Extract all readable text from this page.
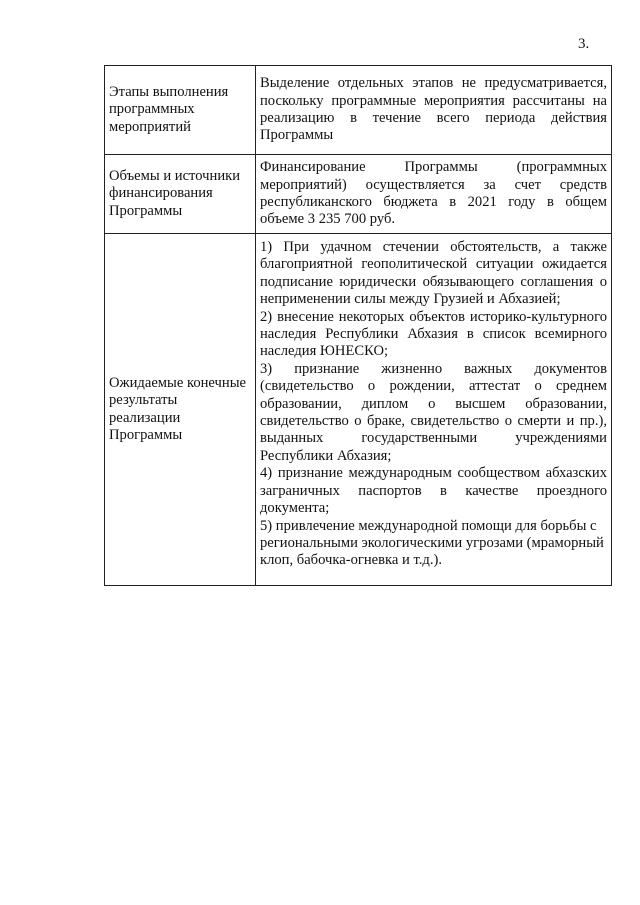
3.
Этапы выполнения программных мероприятий	Выделение отдельных этапов не предусматривается, поскольку программные мероприятия рассчитаны на реализацию в течение всего периода действия Программы
Объемы и источники финансирования Программы	Финансирование Программы (программных мероприятий) осуществляется за счет средств республиканского бюджета в 2021 году в общем объеме 3 235 700 руб.
Ожидаемые конечные результаты реализации Программы	1) При удачном стечении обстоятельств, а также благоприятной геополитической ситуации ожидается подписание юридически обязывающего соглашения о неприменении силы между Грузией и Абхазией;
2) внесение некоторых объектов историко-культурного наследия Республики Абхазия в список всемирного наследия ЮНЕСКО;
3) признание жизненно важных документов (свидетельство о рождении, аттестат о среднем образовании, диплом о высшем образовании, свидетельство о браке, свидетельство о смерти и пр.), выданных государственными учреждениями Республики Абхазия;
4) признание международным сообществом абхазских заграничных паспортов в качестве проездного документа;
5) привлечение международной помощи для борьбы с региональными экологическими угрозами (мраморный клоп, бабочка-огневка и т.д.).
